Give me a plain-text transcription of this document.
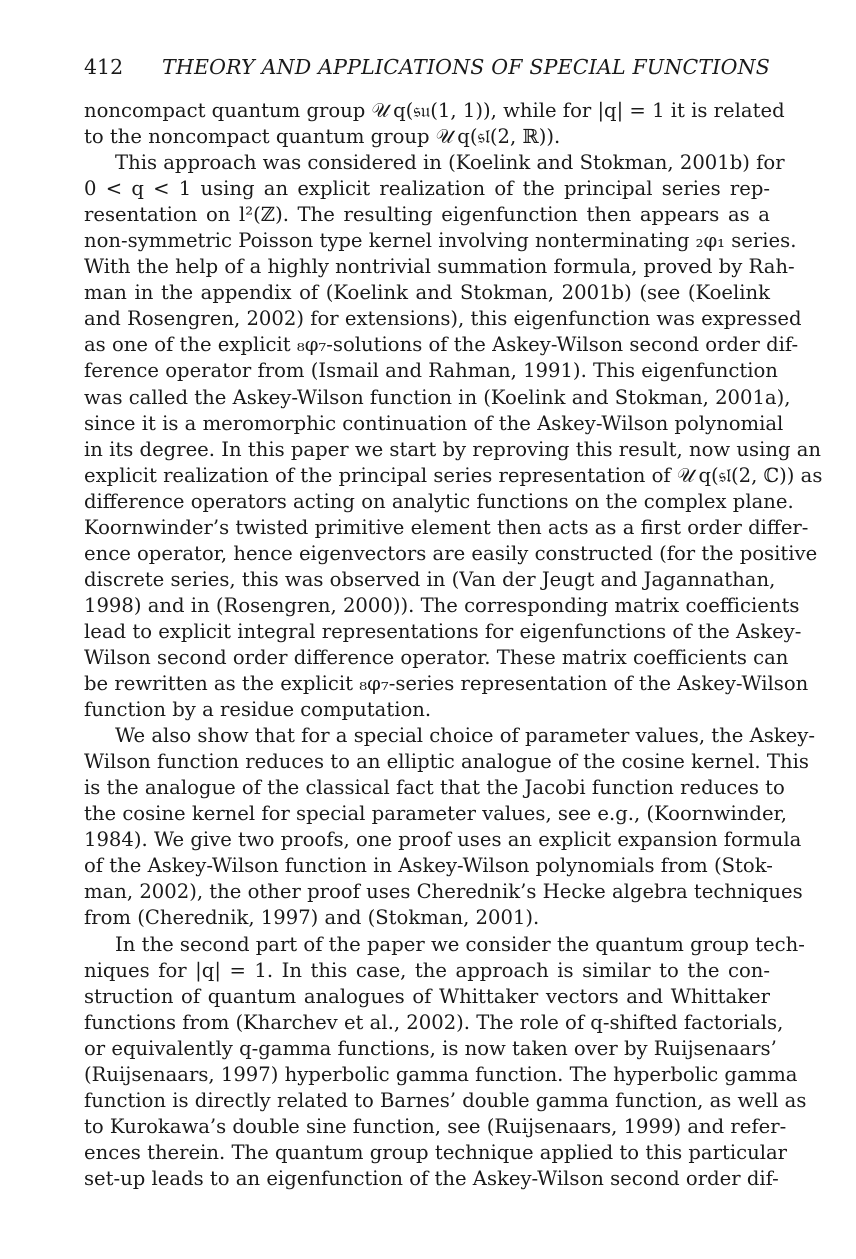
412 THEORY AND APPLICATIONS OF SPECIAL FUNCTIONS
noncompact quantum group 𝒰 q(𝔰𝔲(1, 1)), while for |q| = 1 it is related
to the noncompact quantum group 𝒰 q(𝔰𝔩(2, ℝ)).
This approach was considered in (Koelink and Stokman, 2001b) for
0 < q < 1 using an explicit realization of the principal series rep-
resentation on l²(ℤ). The resulting eigenfunction then appears as a
non-symmetric Poisson type kernel involving nonterminating ₂φ₁ series.
With the help of a highly nontrivial summation formula, proved by Rah-
man in the appendix of (Koelink and Stokman, 2001b) (see (Koelink
and Rosengren, 2002) for extensions), this eigenfunction was expressed
as one of the explicit ₈φ₇-solutions of the Askey-Wilson second order dif-
ference operator from (Ismail and Rahman, 1991). This eigenfunction
was called the Askey-Wilson function in (Koelink and Stokman, 2001a),
since it is a meromorphic continuation of the Askey-Wilson polynomial
in its degree. In this paper we start by reproving this result, now using an
explicit realization of the principal series representation of 𝒰 q(𝔰𝔩(2, ℂ)) as
difference operators acting on analytic functions on the complex plane.
Koornwinder’s twisted primitive element then acts as a first order differ-
ence operator, hence eigenvectors are easily constructed (for the positive
discrete series, this was observed in (Van der Jeugt and Jagannathan,
1998) and in (Rosengren, 2000)). The corresponding matrix coefficients
lead to explicit integral representations for eigenfunctions of the Askey-
Wilson second order difference operator. These matrix coefficients can
be rewritten as the explicit ₈φ₇-series representation of the Askey-Wilson
function by a residue computation.
We also show that for a special choice of parameter values, the Askey-
Wilson function reduces to an elliptic analogue of the cosine kernel. This
is the analogue of the classical fact that the Jacobi function reduces to
the cosine kernel for special parameter values, see e.g., (Koornwinder,
1984). We give two proofs, one proof uses an explicit expansion formula
of the Askey-Wilson function in Askey-Wilson polynomials from (Stok-
man, 2002), the other proof uses Cherednik’s Hecke algebra techniques
from (Cherednik, 1997) and (Stokman, 2001).
In the second part of the paper we consider the quantum group tech-
niques for |q| = 1. In this case, the approach is similar to the con-
struction of quantum analogues of Whittaker vectors and Whittaker
functions from (Kharchev et al., 2002). The role of q-shifted factorials,
or equivalently q-gamma functions, is now taken over by Ruijsenaars’
(Ruijsenaars, 1997) hyperbolic gamma function. The hyperbolic gamma
function is directly related to Barnes’ double gamma function, as well as
to Kurokawa’s double sine function, see (Ruijsenaars, 1999) and refer-
ences therein. The quantum group technique applied to this particular
set-up leads to an eigenfunction of the Askey-Wilson second order dif-
